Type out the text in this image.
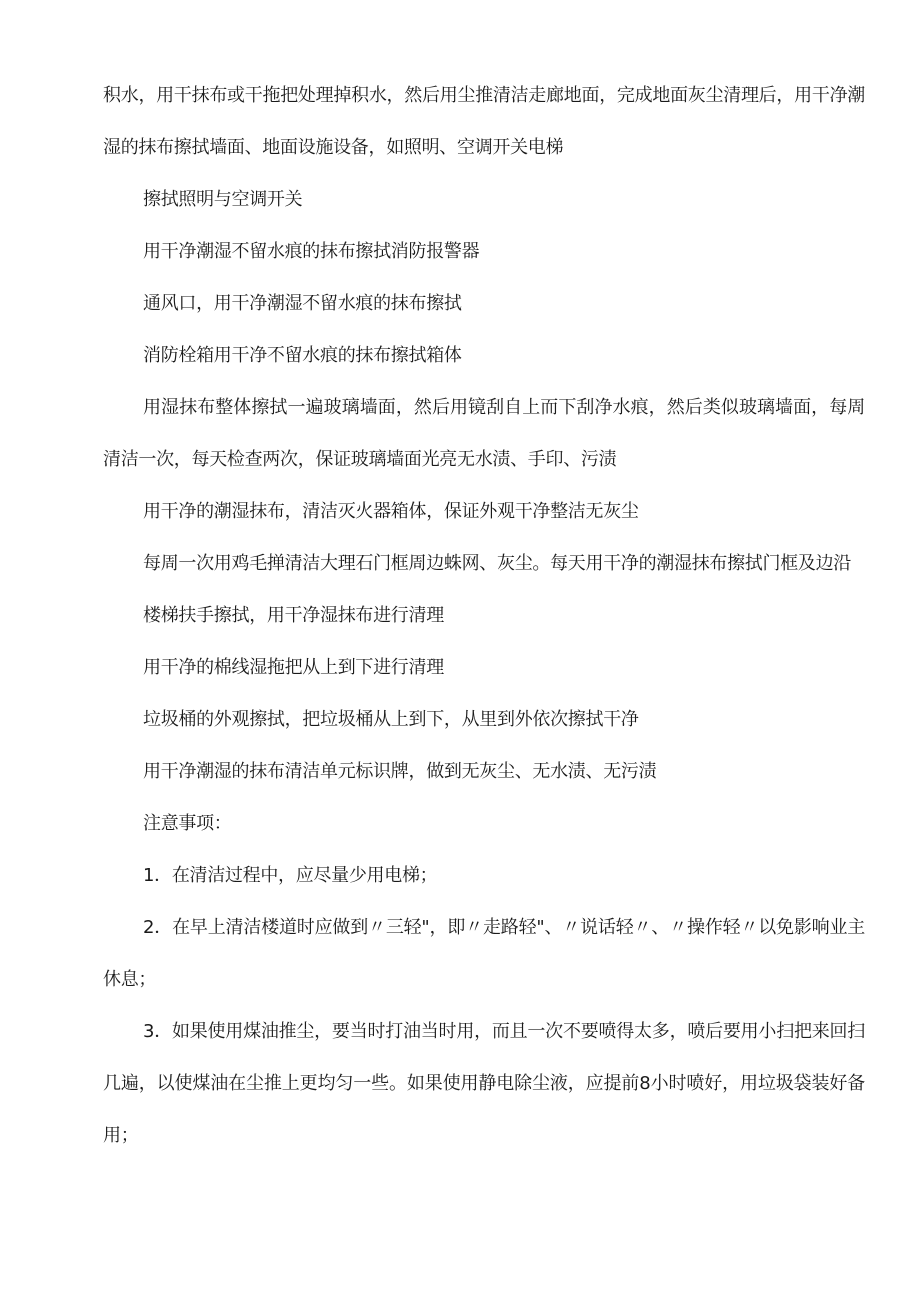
积水，用干抹布或干拖把处理掉积水，然后用尘推清洁走廊地面，完成地面灰尘清理后，用干净潮湿的抹布擦拭墙面、地面设施设备，如照明、空调开关电梯

擦拭照明与空调开关

用干净潮湿不留水痕的抹布擦拭消防报警器

通风口，用干净潮湿不留水痕的抹布擦拭

消防栓箱用干净不留水痕的抹布擦拭箱体

用湿抹布整体擦拭一遍玻璃墙面，然后用镜刮自上而下刮净水痕，然后类似玻璃墙面，每周清洁一次，每天检查两次，保证玻璃墙面光亮无水渍、手印、污渍

用干净的潮湿抹布，清洁灭火器箱体，保证外观干净整洁无灰尘

每周一次用鸡毛掸清洁大理石门框周边蛛网、灰尘。每天用干净的潮湿抹布擦拭门框及边沿

楼梯扶手擦拭，用干净湿抹布进行清理

用干净的棉线湿拖把从上到下进行清理

垃圾桶的外观擦拭，把垃圾桶从上到下，从里到外依次擦拭干净

用干净潮湿的抹布清洁单元标识牌，做到无灰尘、无水渍、无污渍

注意事项：

1．在清洁过程中，应尽量少用电梯；

2．在早上清洁楼道时应做到〃三轻"，即〃走路轻"、〃说话轻〃、〃操作轻〃以免影响业主休息；

3．如果使用煤油推尘，要当时打油当时用，而且一次不要喷得太多，喷后要用小扫把来回扫几遍，以使煤油在尘推上更均匀一些。如果使用静电除尘液，应提前8小时喷好，用垃圾袋装好备用；
